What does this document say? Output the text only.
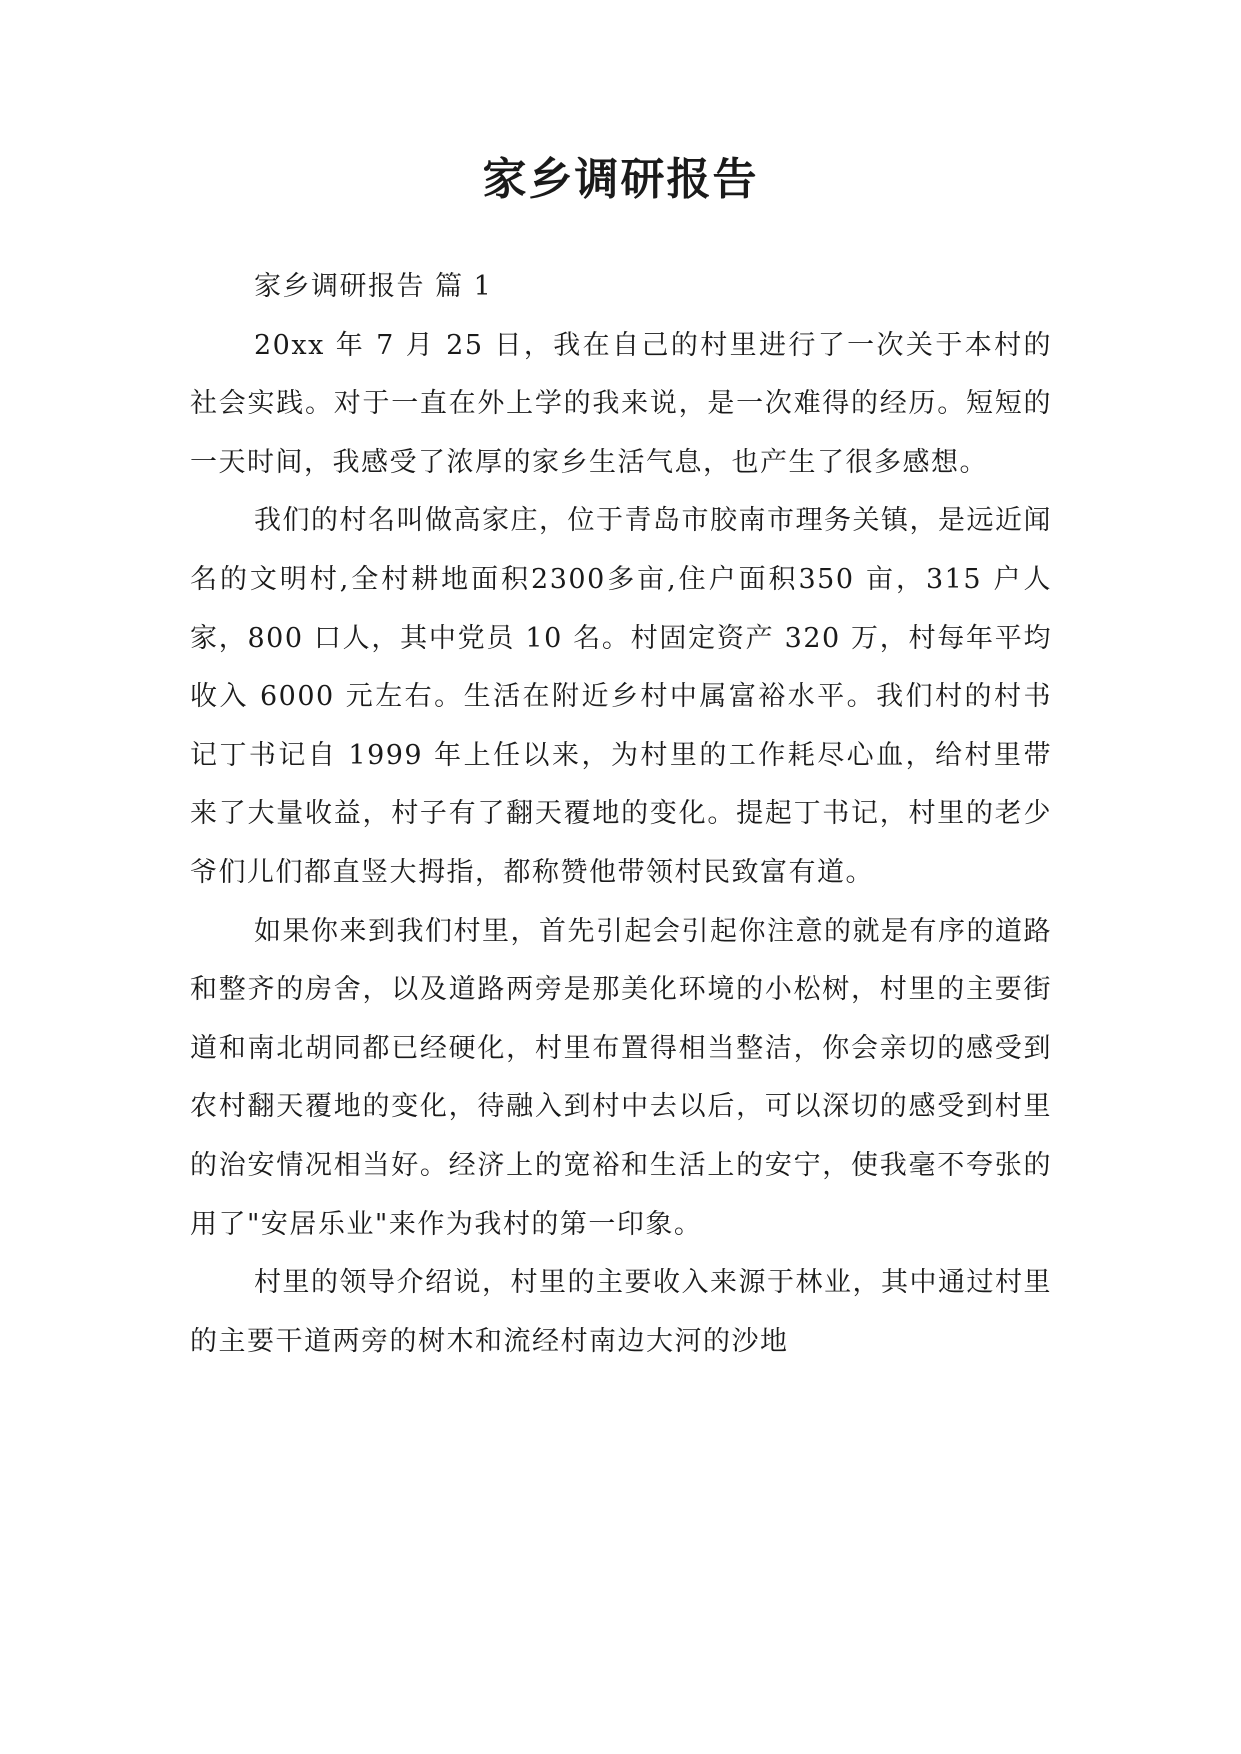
家乡调研报告

家乡调研报告 篇 1

20xx 年 7 月 25 日，我在自己的村里进行了一次关于本村的社会实践。对于一直在外上学的我来说，是一次难得的经历。短短的一天时间，我感受了浓厚的家乡生活气息，也产生了很多感想。

我们的村名叫做高家庄，位于青岛市胶南市理务关镇，是远近闻名的文明村,全村耕地面积2300多亩,住户面积350 亩，315 户人家，800 口人，其中党员 10 名。村固定资产 320 万，村每年平均收入 6000 元左右。生活在附近乡村中属富裕水平。我们村的村书记丁书记自 1999 年上任以来，为村里的工作耗尽心血，给村里带来了大量收益，村子有了翻天覆地的变化。提起丁书记，村里的老少爷们儿们都直竖大拇指，都称赞他带领村民致富有道。

如果你来到我们村里，首先引起会引起你注意的就是有序的道路和整齐的房舍，以及道路两旁是那美化环境的小松树，村里的主要街道和南北胡同都已经硬化，村里布置得相当整洁，你会亲切的感受到农村翻天覆地的变化，待融入到村中去以后，可以深切的感受到村里的治安情况相当好。经济上的宽裕和生活上的安宁，使我毫不夸张的用了"安居乐业"来作为我村的第一印象。

村里的领导介绍说，村里的主要收入来源于林业，其中通过村里的主要干道两旁的树木和流经村南边大河的沙地
